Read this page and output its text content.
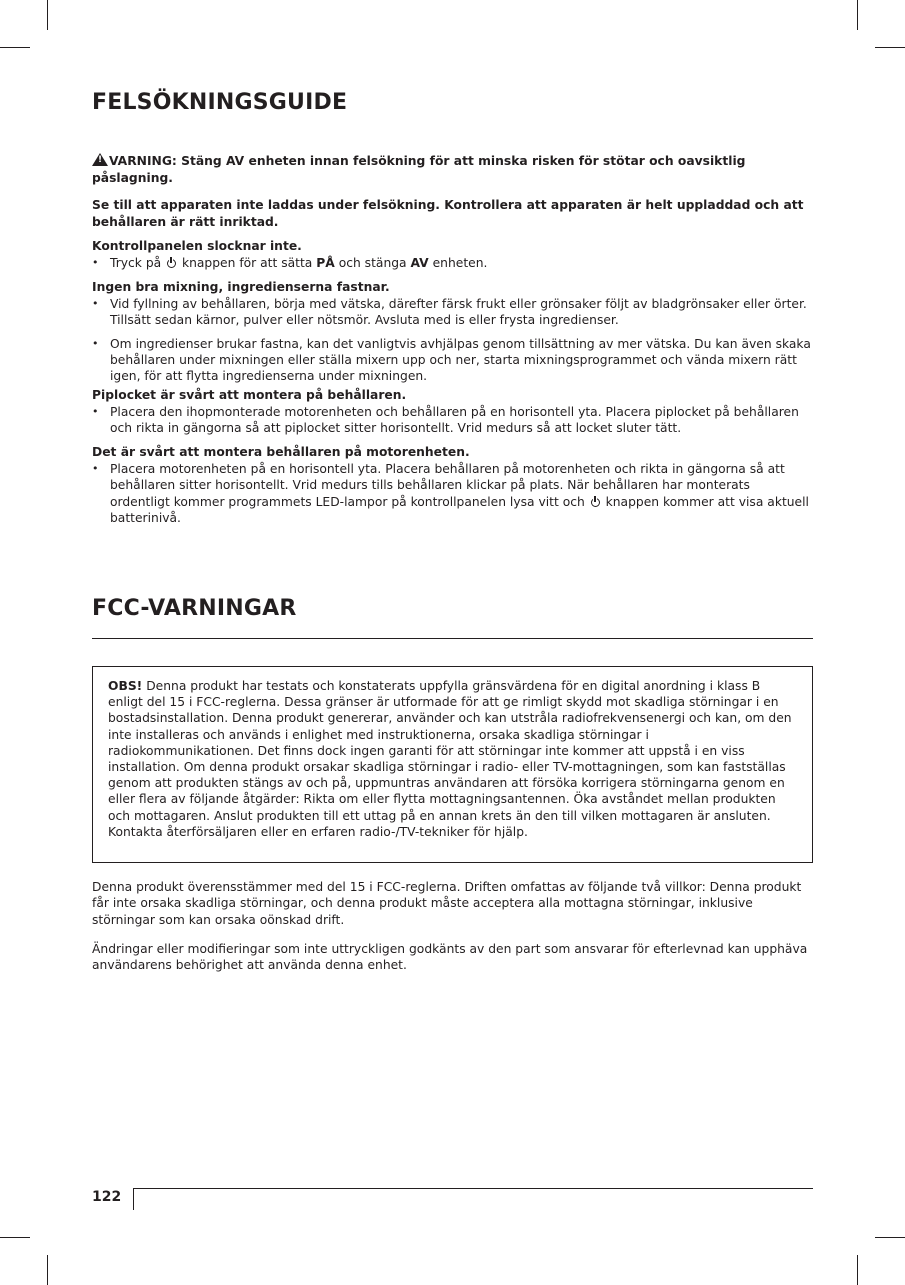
FELSÖKNINGSGUIDE
!VARNING: Stäng AV enheten innan felsökning för att minska risken för stötar och oavsiktlig påslagning.
Se till att apparaten inte laddas under felsökning. Kontrollera att apparaten är helt uppladdad och att behållaren är rätt inriktad.
Kontrollpanelen slocknar inte.
• Tryck på  knappen för att sätta PÅ och stänga AV enheten.
Ingen bra mixning, ingredienserna fastnar.
• Vid fyllning av behållaren, börja med vätska, därefter färsk frukt eller grönsaker följt av bladgrönsaker eller örter. Tillsätt sedan kärnor, pulver eller nötsmör. Avsluta med is eller frysta ingredienser.
• Om ingredienser brukar fastna, kan det vanligtvis avhjälpas genom tillsättning av mer vätska. Du kan även skaka behållaren under mixningen eller ställa mixern upp och ner, starta mixningsprogrammet och vända mixern rätt igen, för att flytta ingredienserna under mixningen.
Piplocket är svårt att montera på behållaren.
• Placera den ihopmonterade motorenheten och behållaren på en horisontell yta. Placera piplocket på behållaren och rikta in gängorna så att piplocket sitter horisontellt. Vrid medurs så att locket sluter tätt.
Det är svårt att montera behållaren på motorenheten.
• Placera motorenheten på en horisontell yta. Placera behållaren på motorenheten och rikta in gängorna så att behållaren sitter horisontellt. Vrid medurs tills behållaren klickar på plats. När behållaren har monterats ordentligt kommer programmets LED-lampor på kontrollpanelen lysa vitt och  knappen kommer att visa aktuell batterinivå.
FCC-VARNINGAR
OBS! Denna produkt har testats och konstaterats uppfylla gränsvärdena för en digital anordning i klass B enligt del 15 i FCC-reglerna. Dessa gränser är utformade för att ge rimligt skydd mot skadliga störningar i en bostadsinstallation. Denna produkt genererar, använder och kan utstråla radiofrekvensenergi och kan, om den inte installeras och används i enlighet med instruktionerna, orsaka skadliga störningar i radiokommunikationen. Det finns dock ingen garanti för att störningar inte kommer att uppstå i en viss installation. Om denna produkt orsakar skadliga störningar i radio- eller TV-mottagningen, som kan fastställas genom att produkten stängs av och på, uppmuntras användaren att försöka korrigera störningarna genom en eller flera av följande åtgärder: Rikta om eller flytta mottagningsantennen. Öka avståndet mellan produkten och mottagaren. Anslut produkten till ett uttag på en annan krets än den till vilken mottagaren är ansluten. Kontakta återförsäljaren eller en erfaren radio-/TV-tekniker för hjälp.
Denna produkt överensstämmer med del 15 i FCC-reglerna. Driften omfattas av följande två villkor: Denna produkt får inte orsaka skadliga störningar, och denna produkt måste acceptera alla mottagna störningar, inklusive störningar som kan orsaka oönskad drift.
Ändringar eller modifieringar som inte uttryckligen godkänts av den part som ansvarar för efterlevnad kan upphäva användarens behörighet att använda denna enhet.
122
